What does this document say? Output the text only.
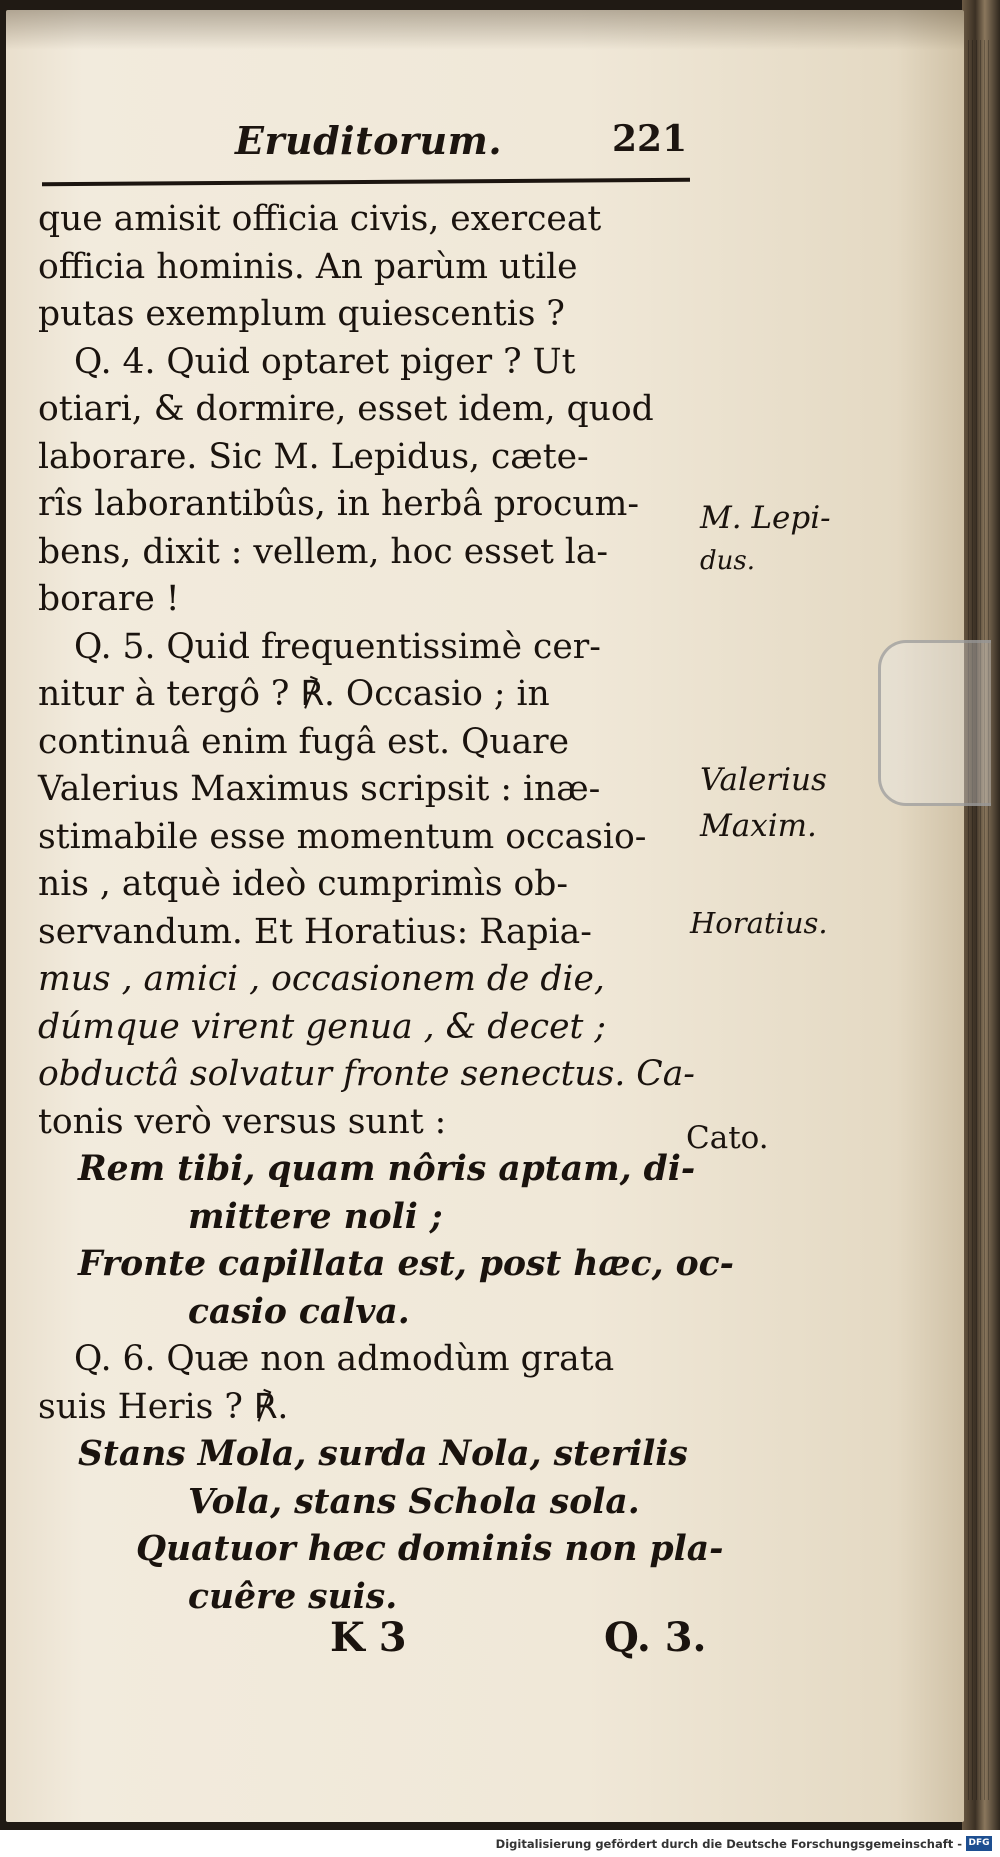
Eruditorum.	221
que amisit officia civis, exerceat
officia hominis. An parùm utile
putas exemplum quiescentis ?
Q. 4. Quid optaret piger ? Ut
otiari, & dormire, esset idem, quod
laborare. Sic M. Lepidus, cæte-
rîs laborantibûs, in herbâ procum-
bens, dixit : vellem, hoc esset la-
borare !
Q. 5. Quid frequentissimè cer-
nitur à tergô ? ℟. Occasio ; in
continuâ enim fugâ est. Quare
Valerius Maximus scripsit : inæ-
stimabile esse momentum occasio-
nis , atquè ideò cumprimìs ob-
servandum. Et Horatius: Rapia-
mus , amici , occasionem de die,
dúmque virent genua , & decet ;
obductâ solvatur fronte senectus. Ca-
tonis verò versus sunt :
Rem tibi, quam nôris aptam, di-
mittere noli ;
Fronte capillata est, post hæc, oc-
casio calva.
Q. 6. Quæ non admodùm grata
suis Heris ? ℟.
Stans Mola, surda Nola, sterilis
Vola, stans Schola sola.
Quatuor hæc dominis non pla-
cuêre suis.
M. Lepi-
dus.
Valerius
Maxim.
Horatius.
Cato.
K 3	Q. 3.
Digitalisierung gefördert durch die Deutsche Forschungsgemeinschaft - DFG
